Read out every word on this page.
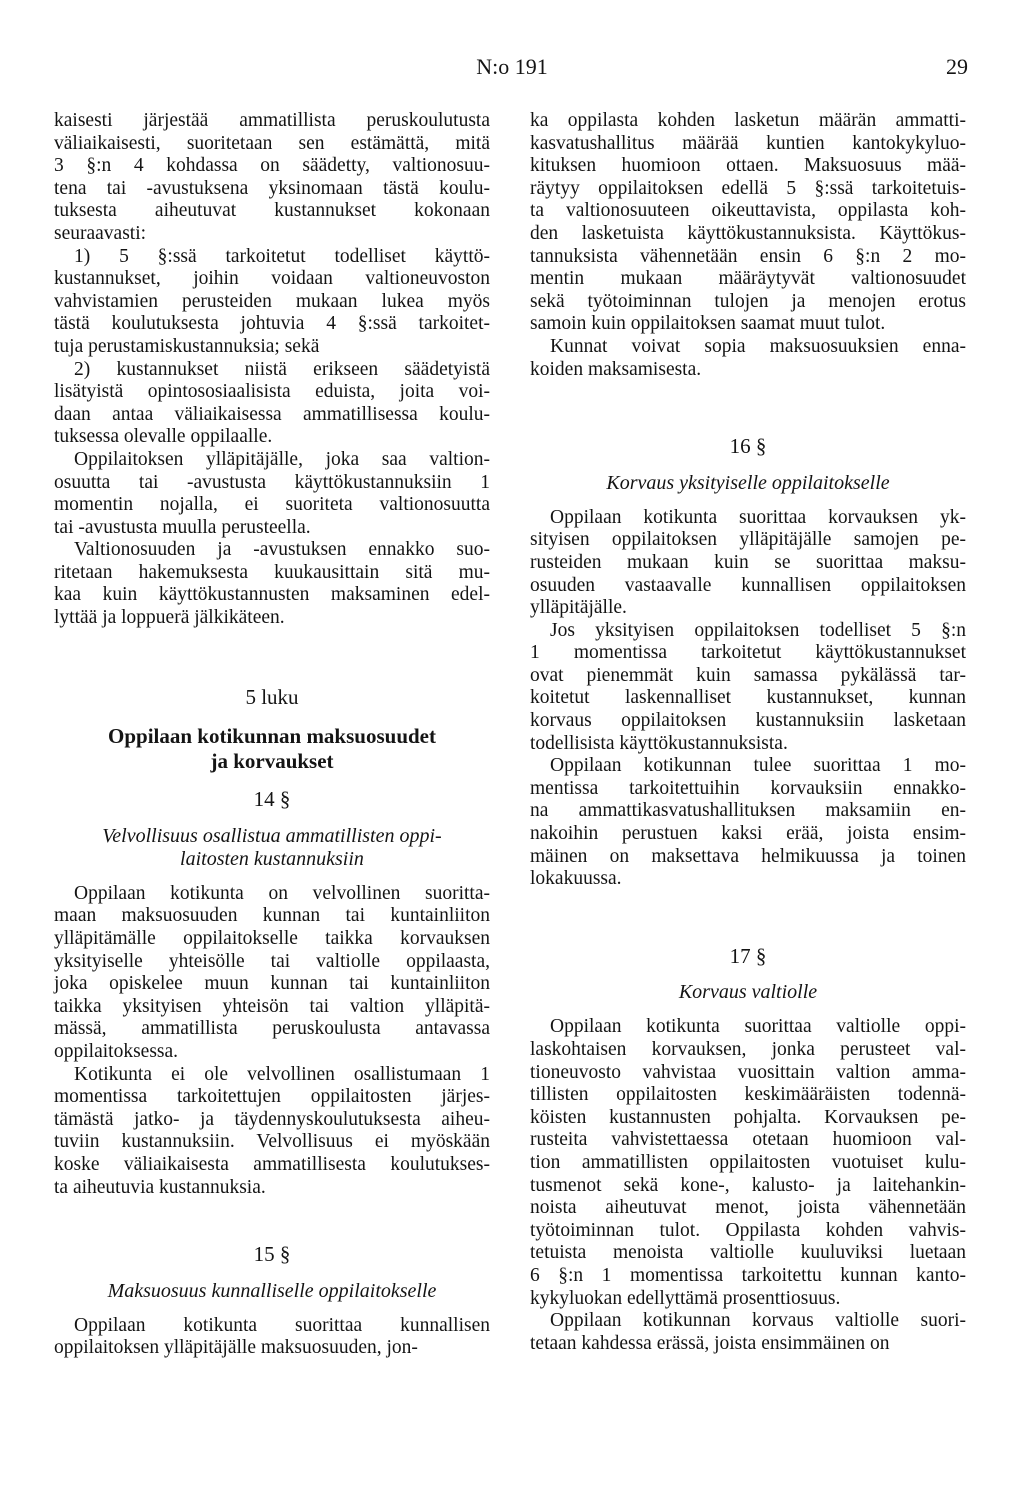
N:o 191	29

kaisesti järjestää ammatillista peruskoulutusta
väliaikaisesti, suoritetaan sen estämättä, mitä
3 §:n 4 kohdassa on säädetty, valtionosuu-
tena tai -avustuksena yksinomaan tästä koulu-
tuksesta aiheutuvat kustannukset kokonaan
seuraavasti:

1) 5 §:ssä tarkoitetut todelliset käyttö-
kustannukset, joihin voidaan valtioneuvoston
vahvistamien perusteiden mukaan lukea myös
tästä koulutuksesta johtuvia 4 §:ssä tarkoitet-
tuja perustamiskustannuksia; sekä

2) kustannukset niistä erikseen säädetyistä
lisätyistä opintososiaalisista eduista, joita voi-
daan antaa väliaikaisessa ammatillisessa koulu-
tuksessa olevalle oppilaalle.

Oppilaitoksen ylläpitäjälle, joka saa valtion-
osuutta tai -avustusta käyttökustannuksiin 1
momentin nojalla, ei suoriteta valtionosuutta
tai -avustusta muulla perusteella.

Valtionosuuden ja -avustuksen ennakko suo-
ritetaan hakemuksesta kuukausittain sitä mu-
kaa kuin käyttökustannusten maksaminen edel-
lyttää ja loppuerä jälkikäteen.

5 luku
Oppilaan kotikunnan maksuosuudet
ja korvaukset
14 §
Velvollisuus osallistua ammatillisten oppi-
laitosten kustannuksiin

Oppilaan kotikunta on velvollinen suoritta-
maan maksuosuuden kunnan tai kuntainliiton
ylläpitämälle oppilaitokselle taikka korvauksen
yksityiselle yhteisölle tai valtiolle oppilaasta,
joka opiskelee muun kunnan tai kuntainliiton
taikka yksityisen yhteisön tai valtion ylläpitä-
mässä, ammatillista peruskoulusta antavassa
oppilaitoksessa.

Kotikunta ei ole velvollinen osallistumaan 1
momentissa tarkoitettujen oppilaitosten järjes-
tämästä jatko- ja täydennyskoulutuksesta aiheu-
tuviin kustannuksiin. Velvollisuus ei myöskään
koske väliaikaisesta ammatillisesta koulutukses-
ta aiheutuvia kustannuksia.

15 §
Maksuosuus kunnalliselle oppilaitokselle

Oppilaan kotikunta suorittaa kunnallisen
oppilaitoksen ylläpitäjälle maksuosuuden, jon-

ka oppilasta kohden lasketun määrän ammatti-
kasvatushallitus määrää kuntien kantokykyluo-
kituksen huomioon ottaen. Maksuosuus mää-
räytyy oppilaitoksen edellä 5 §:ssä tarkoitetuis-
ta valtionosuuteen oikeuttavista, oppilasta koh-
den lasketuista käyttökustannuksista. Käyttökus-
tannuksista vähennetään ensin 6 §:n 2 mo-
mentin mukaan määräytyvät valtionosuudet
sekä työtoiminnan tulojen ja menojen erotus
samoin kuin oppilaitoksen saamat muut tulot.

Kunnat voivat sopia maksuosuuksien enna-
koiden maksamisesta.

16 §
Korvaus yksityiselle oppilaitokselle

Oppilaan kotikunta suorittaa korvauksen yk-
sityisen oppilaitoksen ylläpitäjälle samojen pe-
rusteiden mukaan kuin se suorittaa maksu-
osuuden vastaavalle kunnallisen oppilaitoksen
ylläpitäjälle.

Jos yksityisen oppilaitoksen todelliset 5 §:n
1 momentissa tarkoitetut käyttökustannukset
ovat pienemmät kuin samassa pykälässä tar-
koitetut laskennalliset kustannukset, kunnan
korvaus oppilaitoksen kustannuksiin lasketaan
todellisista käyttökustannuksista.

Oppilaan kotikunnan tulee suorittaa 1 mo-
mentissa tarkoitettuihin korvauksiin ennakko-
na ammattikasvatushallituksen maksamiin en-
nakoihin perustuen kaksi erää, joista ensim-
mäinen on maksettava helmikuussa ja toinen
lokakuussa.

17 §
Korvaus valtiolle

Oppilaan kotikunta suorittaa valtiolle oppi-
laskohtaisen korvauksen, jonka perusteet val-
tioneuvosto vahvistaa vuosittain valtion amma-
tillisten oppilaitosten keskimääräisten todennä-
köisten kustannusten pohjalta. Korvauksen pe-
rusteita vahvistettaessa otetaan huomioon val-
tion ammatillisten oppilaitosten vuotuiset kulu-
tusmenot sekä kone-, kalusto- ja laitehankin-
noista aiheutuvat menot, joista vähennetään
työtoiminnan tulot. Oppilasta kohden vahvis-
tetuista menoista valtiolle kuuluviksi luetaan
6 §:n 1 momentissa tarkoitettu kunnan kanto-
kykyluokan edellyttämä prosenttiosuus.

Oppilaan kotikunnan korvaus valtiolle suori-
tetaan kahdessa erässä, joista ensimmäinen on
